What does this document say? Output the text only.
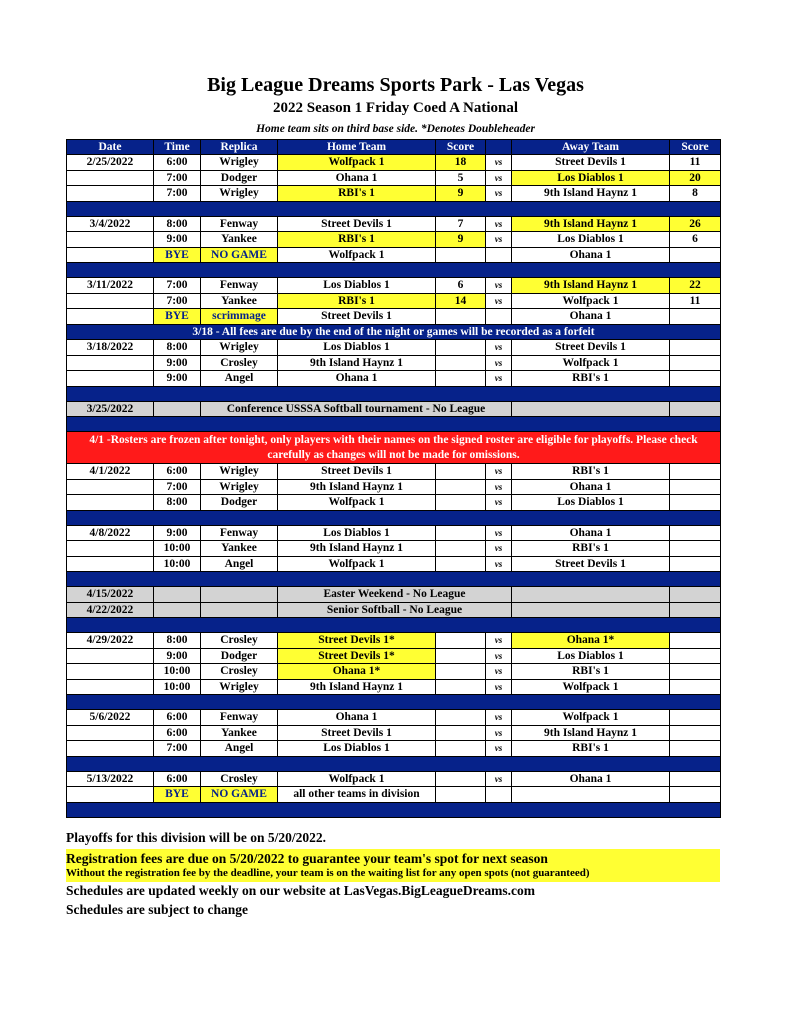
Big League Dreams Sports Park - Las Vegas
2022 Season 1 Friday Coed A National
Home team sits on third base side. *Denotes Doubleheader
Date	Time	Replica	Home Team	Score		Away Team	Score
2/25/2022	6:00	Wrigley	Wolfpack 1	18	vs	Street Devils 1	11
	7:00	Dodger	Ohana 1	5	vs	Los Diablos 1	20
	7:00	Wrigley	RBI's 1	9	vs	9th Island Haynz 1	8

3/4/2022	8:00	Fenway	Street Devils 1	7	vs	9th Island Haynz 1	26
	9:00	Yankee	RBI's 1	9	vs	Los Diablos 1	6
	BYE	NO GAME	Wolfpack 1			Ohana 1	

3/11/2022	7:00	Fenway	Los Diablos 1	6	vs	9th Island Haynz 1	22
	7:00	Yankee	RBI's 1	14	vs	Wolfpack 1	11
	BYE	scrimmage	Street Devils 1			Ohana 1	
3/18 - All fees are due by the end of the night or games will be recorded as a forfeit							
3/18/2022	8:00	Wrigley	Los Diablos 1		vs	Street Devils 1	
	9:00	Crosley	9th Island Haynz 1		vs	Wolfpack 1	
	9:00	Angel	Ohana 1		vs	RBI's 1	

3/25/2022		Conference USSSA Softball tournament - No League					

4/1 -Rosters are frozen after tonight, only players with their names on the signed roster are eligible for playoffs. Please check carefully as changes will not be made for omissions.							
4/1/2022	6:00	Wrigley	Street Devils 1		vs	RBI's 1	
	7:00	Wrigley	9th Island Haynz 1		vs	Ohana 1	
	8:00	Dodger	Wolfpack 1		vs	Los Diablos 1	

4/8/2022	9:00	Fenway	Los Diablos 1		vs	Ohana 1	
	10:00	Yankee	9th Island Haynz 1		vs	RBI's 1	
	10:00	Angel	Wolfpack 1		vs	Street Devils 1	

4/15/2022			Easter Weekend - No League				
4/22/2022			Senior Softball - No League				

4/29/2022	8:00	Crosley	Street Devils 1*		vs	Ohana 1*	
	9:00	Dodger	Street Devils 1*		vs	Los Diablos 1	
	10:00	Crosley	Ohana 1*		vs	RBI's 1	
	10:00	Wrigley	9th Island Haynz 1		vs	Wolfpack 1	

5/6/2022	6:00	Fenway	Ohana 1		vs	Wolfpack 1	
	6:00	Yankee	Street Devils 1		vs	9th Island Haynz 1	
	7:00	Angel	Los Diablos 1		vs	RBI's 1	

5/13/2022	6:00	Crosley	Wolfpack 1		vs	Ohana 1	
	BYE	NO GAME	all other teams in division				

Playoffs for this division will be on 5/20/2022.
Registration fees are due on 5/20/2022 to guarantee your team's spot for next season
Without the registration fee by the deadline, your team is on the waiting list for any open spots (not guaranteed)
Schedules are updated weekly on our website at LasVegas.BigLeagueDreams.com
Schedules are subject to change
